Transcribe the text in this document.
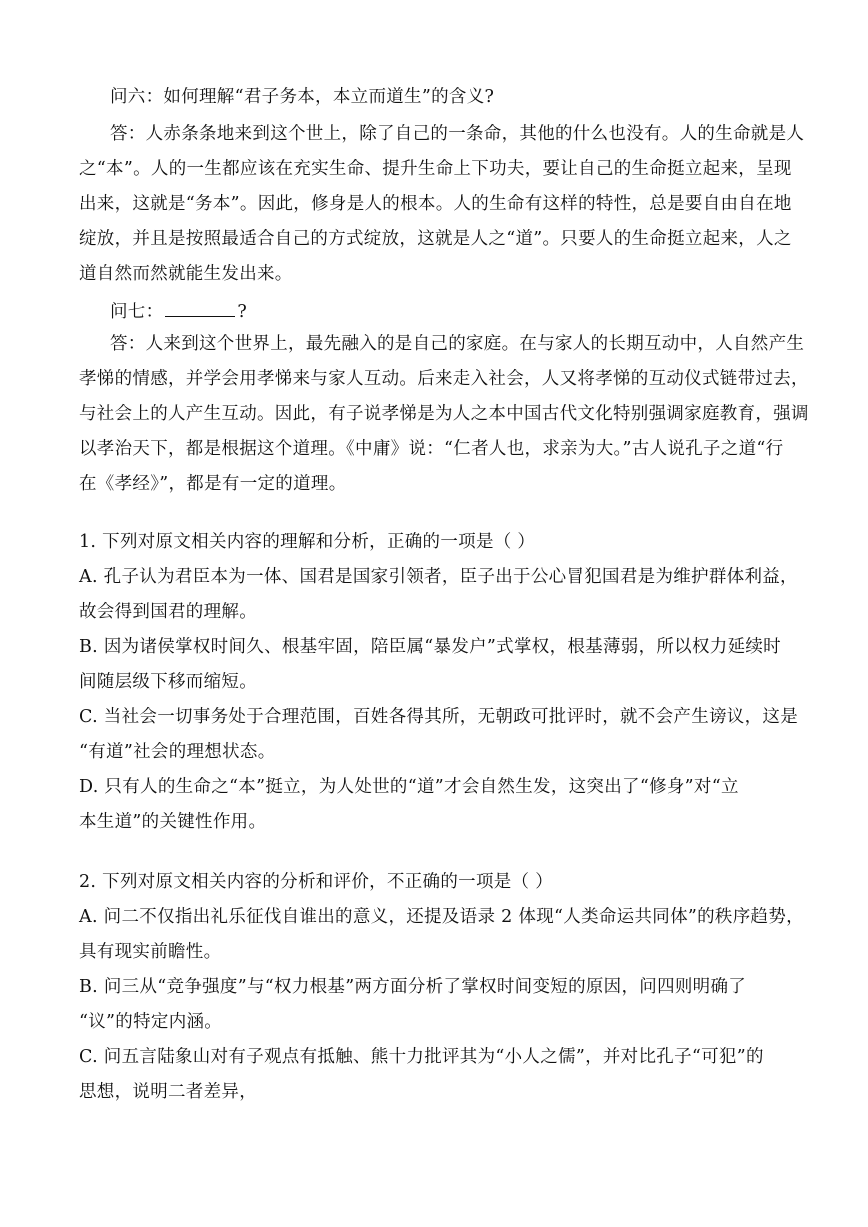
问六：如何理解“君子务本，本立而道生”的含义?
答：人赤条条地来到这个世上，除了自己的一条命，其他的什么也没有。人的生命就是人
之“本”。人的一生都应该在充实生命、提升生命上下功夫，要让自己的生命挺立起来，呈现
出来，这就是“务本”。因此，修身是人的根本。人的生命有这样的特性，总是要自由自在地
绽放，并且是按照最适合自己的方式绽放，这就是人之“道”。只要人的生命挺立起来，人之
道自然而然就能生发出来。
问七：	?
答：人来到这个世界上，最先融入的是自己的家庭。在与家人的长期互动中，人自然产生
孝悌的情感，并学会用孝悌来与家人互动。后来走入社会，人又将孝悌的互动仪式链带过去，
与社会上的人产生互动。因此，有子说孝悌是为人之本中国古代文化特别强调家庭教育，强调
以孝治天下，都是根据这个道理。《中庸》说：“仁者人也，求亲为大。”古人说孔子之道“行
在《孝经》”，都是有一定的道理。
1. 下列对原文相关内容的理解和分析，正确的一项是（ ）
A. 孔子认为君臣本为一体、国君是国家引领者，臣子出于公心冒犯国君是为维护群体利益，
故会得到国君的理解。
B. 因为诸侯掌权时间久、根基牢固，陪臣属“暴发户”式掌权，根基薄弱，所以权力延续时
间随层级下移而缩短。
C. 当社会一切事务处于合理范围，百姓各得其所，无朝政可批评时，就不会产生谤议，这是
“有道”社会的理想状态。
D. 只有人的生命之“本”挺立，为人处世的“道”才会自然生发，这突出了“修身”对“立
本生道”的关键性作用。
2. 下列对原文相关内容的分析和评价，不正确的一项是（ ）
A. 问二不仅指出礼乐征伐自谁出的意义，还提及语录 2 体现“人类命运共同体”的秩序趋势，
具有现实前瞻性。
B. 问三从“竞争强度”与“权力根基”两方面分析了掌权时间变短的原因，问四则明确了
“议”的特定内涵。
C. 问五言陆象山对有子观点有抵触、熊十力批评其为“小人之儒”，并对比孔子“可犯”的
思想，说明二者差异，
